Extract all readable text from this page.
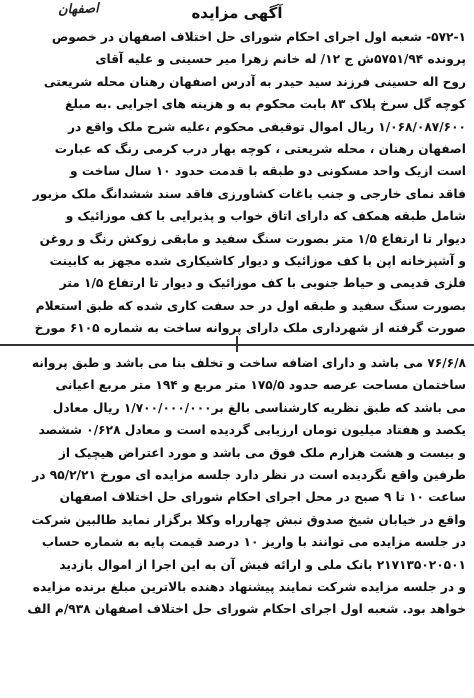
اصفهان	آگهی مزایده
۵۷۲-۱- شعبه اول اجرای احکام شورای حل اختلاف اصفهان در خصوص
پرونده ۵۷۵۱/۹۴ش ج ۱۲/ له خانم زهرا میر حسینی و علیه آقای
روح اله حسینی فرزند سید حیدر به آدرس اصفهان رهنان محله شریعتی
کوچه گل سرخ پلاک ۸۳ بابت محکوم به و هزینه های اجرایی .به مبلغ
۱/۰۶۸/۰۸۷/۶۰۰ ریال اموال توقیفی محکوم ،علیه شرح ملک واقع در
اصفهان رهنان ، محله شریعتی ، کوچه بهار درب کرمی رنگ که عبارت
است ازیک واحد مسکونی دو طبقه با قدمت حدود ۱۰ سال ساخت و
فاقد نمای خارجی و جنب باغات کشاورزی فاقد سند ششدانگ ملک مزبور
شامل طبقه همکف که دارای اتاق خواب و پذیرایی با کف موزائیک و
دیوار تا ارتفاع ۱/۵ متر بصورت سنگ سفید و مابقی زوکش رنگ و روغن
و آشپزخانه اپن با کف موزائیک و دیوار کاشیکاری شده مجهز به کابینت
فلزی قدیمی و حیاط جنوبی با کف موزائیک و دیوار تا ارتفاع ۱/۵ متر
بصورت سنگ سفید و طبقه اول در حد سفت کاری شده که طبق استعلام
صورت گرفته از شهرداری ملک دارای پروانه ساخت به شماره ۶۱۰۵ مورخ
۷۶/۶/۸ می باشد و دارای اضافه ساخت و تخلف بنا می باشد و طبق پروانه
ساختمان مساحت عرصه حدود ۱۷۵/۵ متر مربع و ۱۹۴ متر مربع اعیانی
می باشد که طبق نظریه کارشناسی بالغ بر۱/۷۰۰/۰۰۰/۰۰۰ ریال معادل
یکصد و هفتاد میلیون تومان ارزیابی گردیده است و معادل ۰/۶۲۸ ششصد
و بیست و هشت هزارم ملک فوق می باشد و مورد اعتراض هیچیک از
طرفین واقع نگردیده است در نظر دارد جلسه مزایده ای مورخ ۹۵/۲/۲۱ در
ساعت ۱۰ تا ۹ صبح در محل اجرای احکام شورای حل اختلاف اصفهان
واقع در خیابان شیخ صدوق نبش چهارراه وکلا برگزار نماید طالبین شرکت
در جلسه مزایده می توانند با واریز ۱۰ درصد قیمت پایه به شماره حساب
۲۱۷۱۳۵۰۲۰۵۰۱ بانک ملی و ارائه فیش آن به این اجرا از اموال بازدید
و در جلسه مزایده شرکت نمایند پیشنهاد دهنده بالاترین مبلغ برنده مزایده
خواهد بود. شعبه اول اجرای احکام شورای حل اختلاف اصفهان ۹۳۸/م الف
